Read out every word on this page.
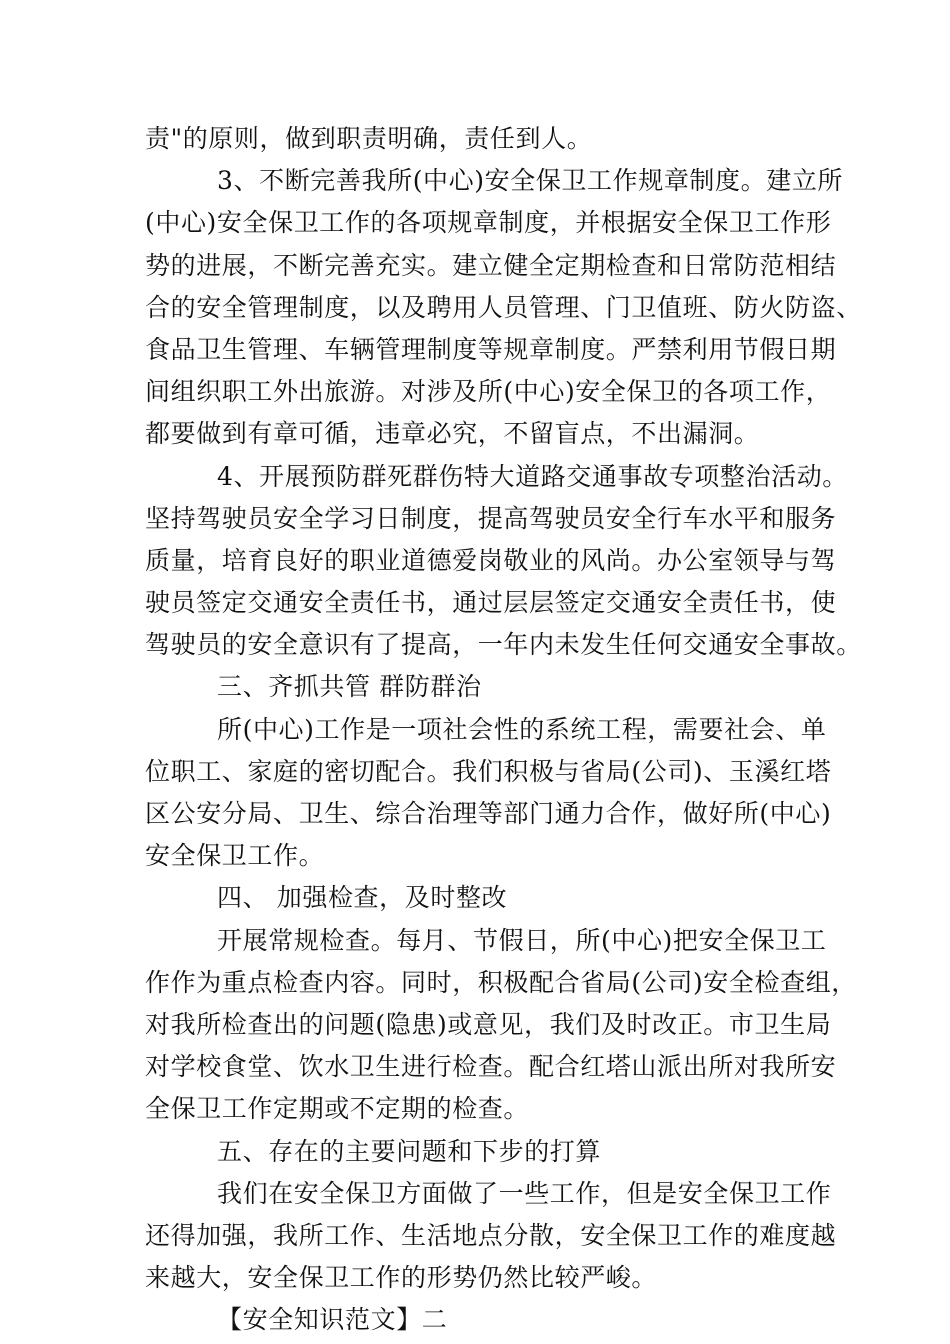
责"的原则，做到职责明确，责任到人。
3、不断完善我所(中心)安全保卫工作规章制度。建立所
(中心)安全保卫工作的各项规章制度，并根据安全保卫工作形
势的进展，不断完善充实。建立健全定期检查和日常防范相结
合的安全管理制度，以及聘用人员管理、门卫值班、防火防盗、
食品卫生管理、车辆管理制度等规章制度。严禁利用节假日期
间组织职工外出旅游。对涉及所(中心)安全保卫的各项工作，
都要做到有章可循，违章必究，不留盲点，不出漏洞。
4、开展预防群死群伤特大道路交通事故专项整治活动。
坚持驾驶员安全学习日制度，提高驾驶员安全行车水平和服务
质量，培育良好的职业道德爱岗敬业的风尚。办公室领导与驾
驶员签定交通安全责任书，通过层层签定交通安全责任书，使
驾驶员的安全意识有了提高，一年内未发生任何交通安全事故。
三、齐抓共管 群防群治
所(中心)工作是一项社会性的系统工程，需要社会、单
位职工、家庭的密切配合。我们积极与省局(公司)、玉溪红塔
区公安分局、卫生、综合治理等部门通力合作，做好所(中心)
安全保卫工作。
四、 加强检查，及时整改
开展常规检查。每月、节假日，所(中心)把安全保卫工
作作为重点检查内容。同时，积极配合省局(公司)安全检查组，
对我所检查出的问题(隐患)或意见，我们及时改正。市卫生局
对学校食堂、饮水卫生进行检查。配合红塔山派出所对我所安
全保卫工作定期或不定期的检查。
五、存在的主要问题和下步的打算
我们在安全保卫方面做了一些工作，但是安全保卫工作
还得加强，我所工作、生活地点分散，安全保卫工作的难度越
来越大，安全保卫工作的形势仍然比较严峻。
【安全知识范文】二
